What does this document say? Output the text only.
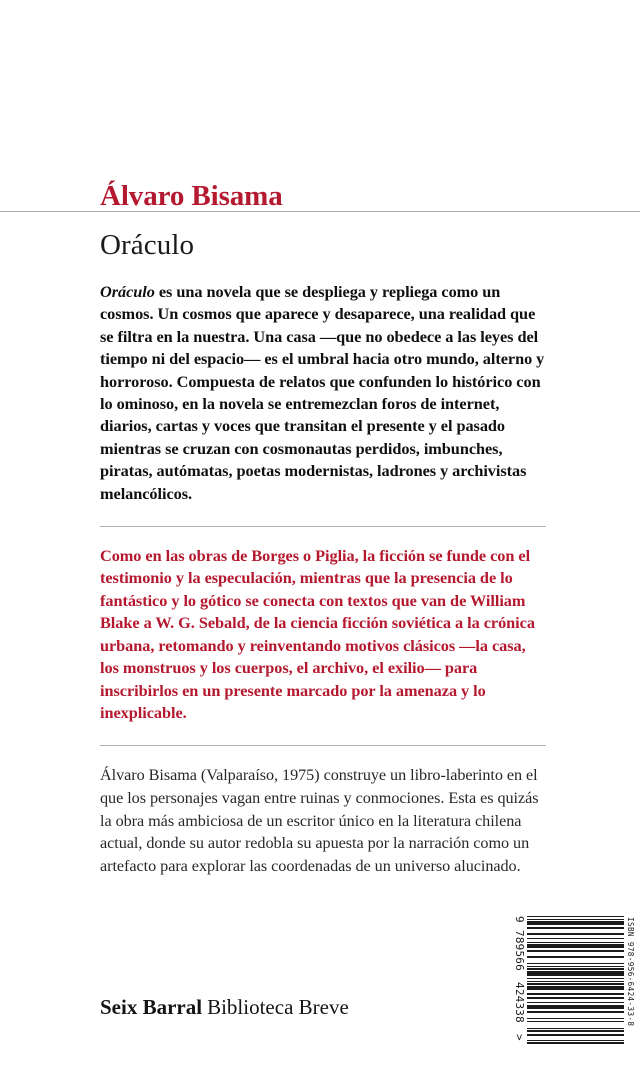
Álvaro Bisama
Oráculo

Oráculo es una novela que se despliega y repliega como un cosmos. Un cosmos que aparece y desaparece, una realidad que se filtra en la nuestra. Una casa —que no obedece a las leyes del tiempo ni del espacio— es el umbral hacia otro mundo, alterno y horroroso. Compuesta de relatos que confunden lo histórico con lo ominoso, en la novela se entremezclan foros de internet, diarios, cartas y voces que transitan el presente y el pasado mientras se cruzan con cosmonautas perdidos, imbunches, piratas, autómatas, poetas modernistas, ladrones y archivistas melancólicos.

Como en las obras de Borges o Piglia, la ficción se funde con el testimonio y la especulación, mientras que la presencia de lo fantástico y lo gótico se conecta con textos que van de William Blake a W. G. Sebald, de la ciencia ficción soviética a la crónica urbana, retomando y reinventando motivos clásicos —la casa, los monstruos y los cuerpos, el archivo, el exilio— para inscribirlos en un presente marcado por la amenaza y lo inexplicable.

Álvaro Bisama (Valparaíso, 1975) construye un libro-laberinto en el que los personajes vagan entre ruinas y conmociones. Esta es quizás la obra más ambiciosa de un escritor único en la literatura chilena actual, donde su autor redobla su apuesta por la narración como un artefacto para explorar las coordenadas de un universo alucinado.

Seix Barral Biblioteca Breve	ISBN 978-956-6424-33-8
9
789566
424338
>
